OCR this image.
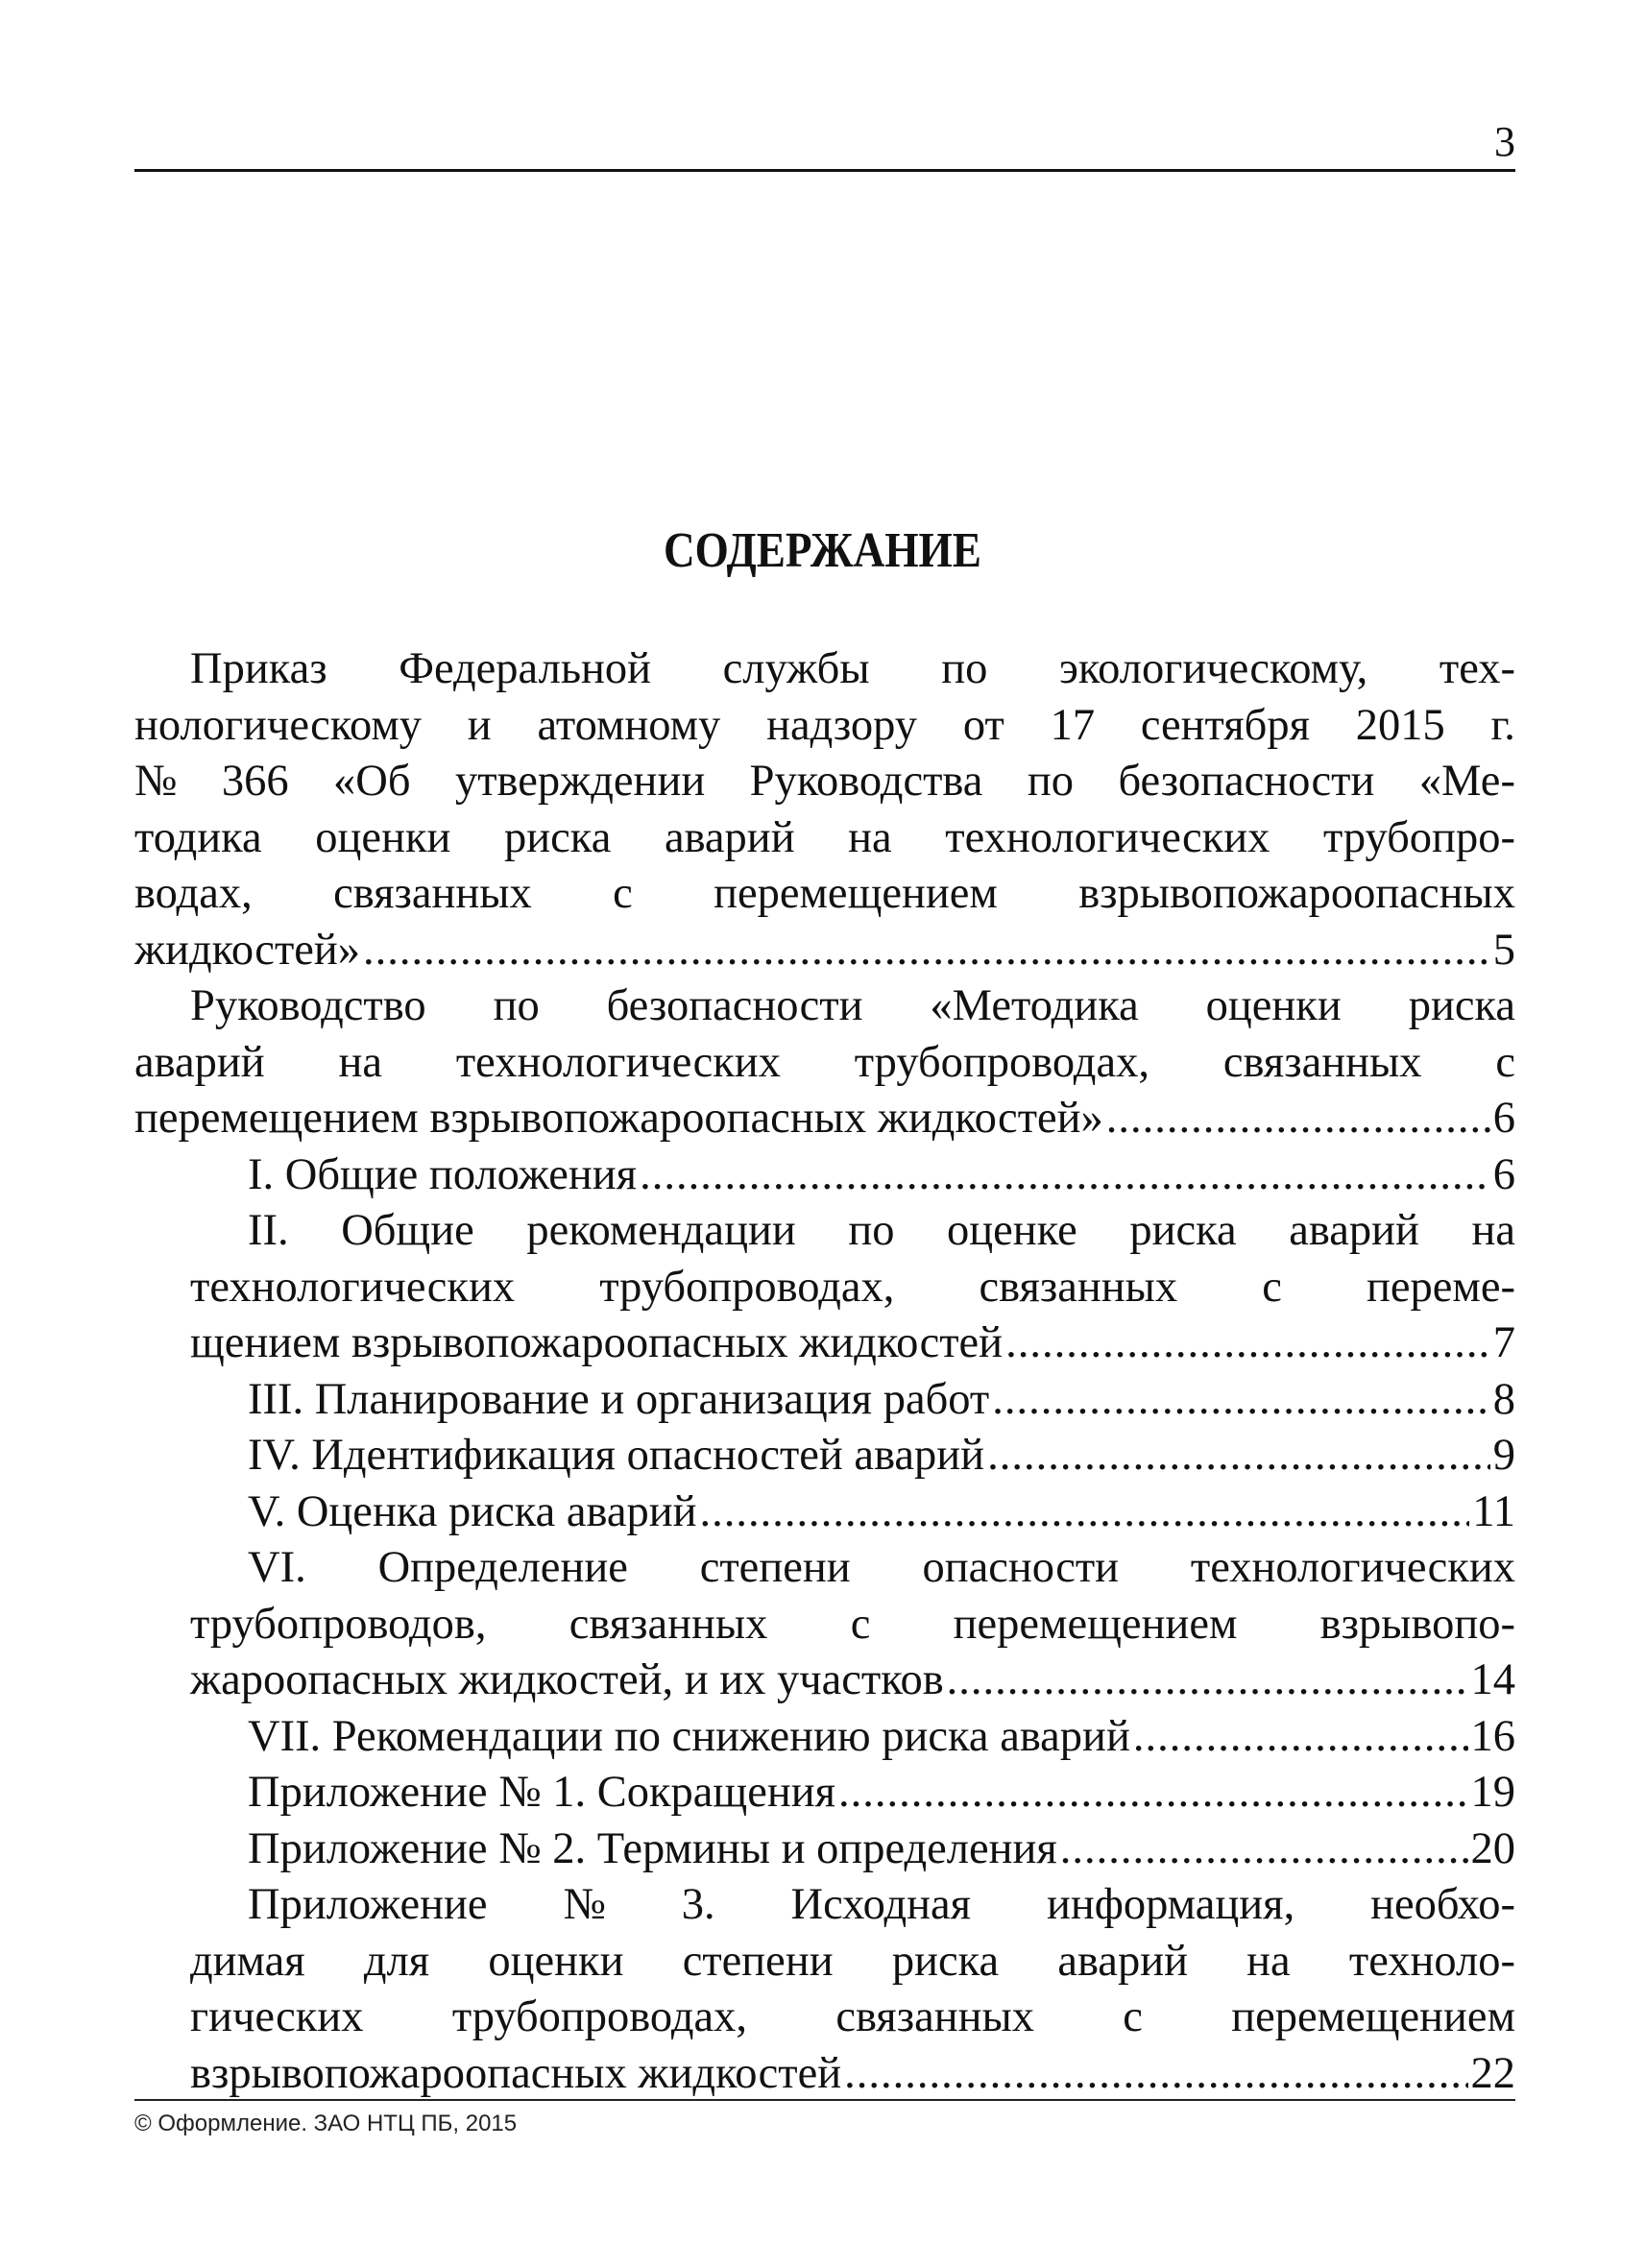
3
СОДЕРЖАНИЕ
Приказ Федеральной службы по экологическому, тех-
нологическому и атомному надзору от 17 сентября 2015 г.
№ 366 «Об утверждении Руководства по безопасности «Ме-
тодика оценки риска аварий на технологических трубопро-
водах, связанных с перемещением взрывопожароопасных
жидкостей» .....	5
Руководство по безопасности «Методика оценки риска
аварий на технологических трубопроводах, связанных с
перемещением взрывопожароопасных жидкостей» .....	6
I. Общие положения .....	6
II. Общие рекомендации по оценке риска аварий на
технологических трубопроводах, связанных с переме-
щением взрывопожароопасных жидкостей .....	7
III. Планирование и организация работ .....	8
IV. Идентификация опасностей аварий .....	9
V. Оценка риска аварий .....	11
VI. Определение степени опасности технологических
трубопроводов, связанных с перемещением взрывопо-
жароопасных жидкостей, и их участков .....	14
VII. Рекомендации по снижению риска аварий .....	16
Приложение № 1. Сокращения .....	19
Приложение № 2. Термины и определения .....	20
Приложение № 3. Исходная информация, необхо-
димая для оценки степени риска аварий на техноло-
гических трубопроводах, связанных с перемещением
взрывопожароопасных жидкостей .....	22
© Оформление. ЗАО НТЦ ПБ, 2015
